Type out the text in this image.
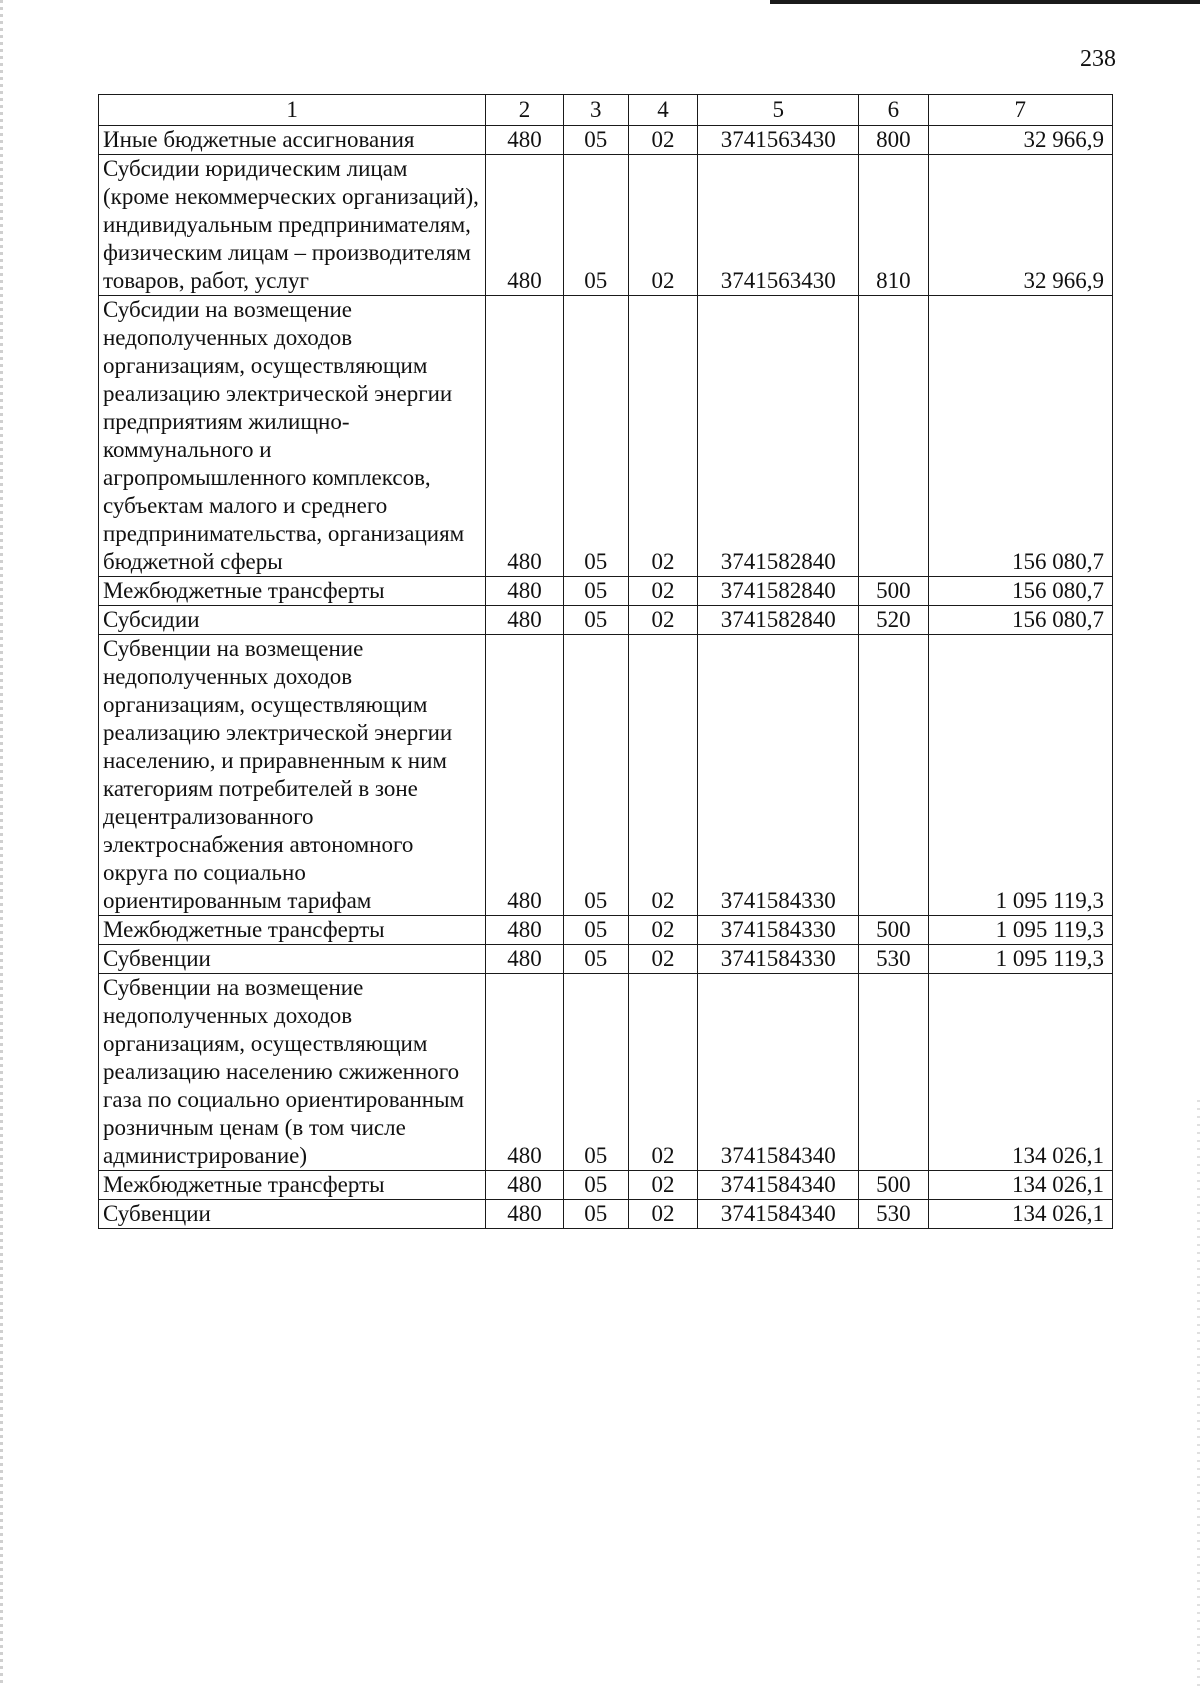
238
1	2	3	4	5	6	7
Иные бюджетные ассигнования	480	05	02	3741563430	800	32 966,9
Субсидии юридическим лицам (кроме некоммерческих организаций), индивидуальным предпринимателям, физическим лицам – производителям товаров, работ, услуг	480	05	02	3741563430	810	32 966,9
Субсидии на возмещение недополученных доходов организациям, осуществляющим реализацию электрической энергии предприятиям жилищно-коммунального и агропромышленного комплексов, субъектам малого и среднего предпринимательства, организациям бюджетной сферы	480	05	02	3741582840		156 080,7
Межбюджетные трансферты	480	05	02	3741582840	500	156 080,7
Субсидии	480	05	02	3741582840	520	156 080,7
Субвенции на возмещение недополученных доходов организациям, осуществляющим реализацию электрической энергии населению, и приравненным к ним категориям потребителей в зоне децентрализованного электроснабжения автономного округа по социально ориентированным тарифам	480	05	02	3741584330		1 095 119,3
Межбюджетные трансферты	480	05	02	3741584330	500	1 095 119,3
Субвенции	480	05	02	3741584330	530	1 095 119,3
Субвенции на возмещение недополученных доходов организациям, осуществляющим реализацию населению сжиженного газа по социально ориентированным розничным ценам (в том числе администрирование)	480	05	02	3741584340		134 026,1
Межбюджетные трансферты	480	05	02	3741584340	500	134 026,1
Субвенции	480	05	02	3741584340	530	134 026,1
